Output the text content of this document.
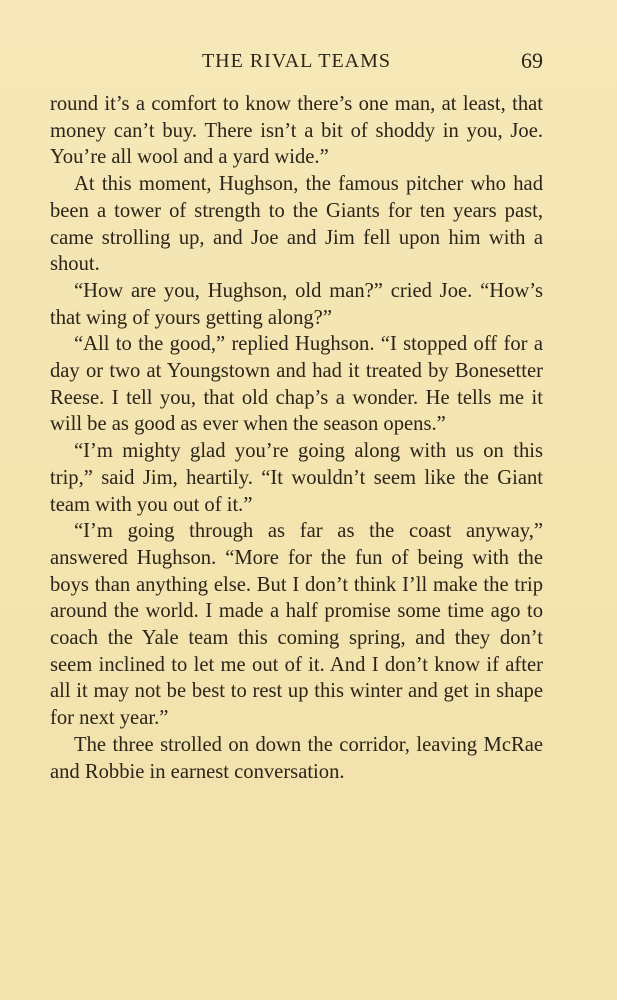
THE RIVAL TEAMS	69

round it’s a comfort to know there’s one man, at least, that money can’t buy. There isn’t a bit of shoddy in you, Joe. You’re all wool and a yard wide.”

At this moment, Hughson, the famous pitcher who had been a tower of strength to the Giants for ten years past, came strolling up, and Joe and Jim fell upon him with a shout.

“How are you, Hughson, old man?” cried Joe. “How’s that wing of yours getting along?”

“All to the good,” replied Hughson. “I stopped off for a day or two at Youngstown and had it treated by Bonesetter Reese. I tell you, that old chap’s a wonder. He tells me it will be as good as ever when the season opens.”

“I’m mighty glad you’re going along with us on this trip,” said Jim, heartily. “It wouldn’t seem like the Giant team with you out of it.”

“I’m going through as far as the coast anyway,” answered Hughson. “More for the fun of being with the boys than anything else. But I don’t think I’ll make the trip around the world. I made a half promise some time ago to coach the Yale team this coming spring, and they don’t seem inclined to let me out of it. And I don’t know if after all it may not be best to rest up this winter and get in shape for next year.”

The three strolled on down the corridor, leaving McRae and Robbie in earnest conversation.
